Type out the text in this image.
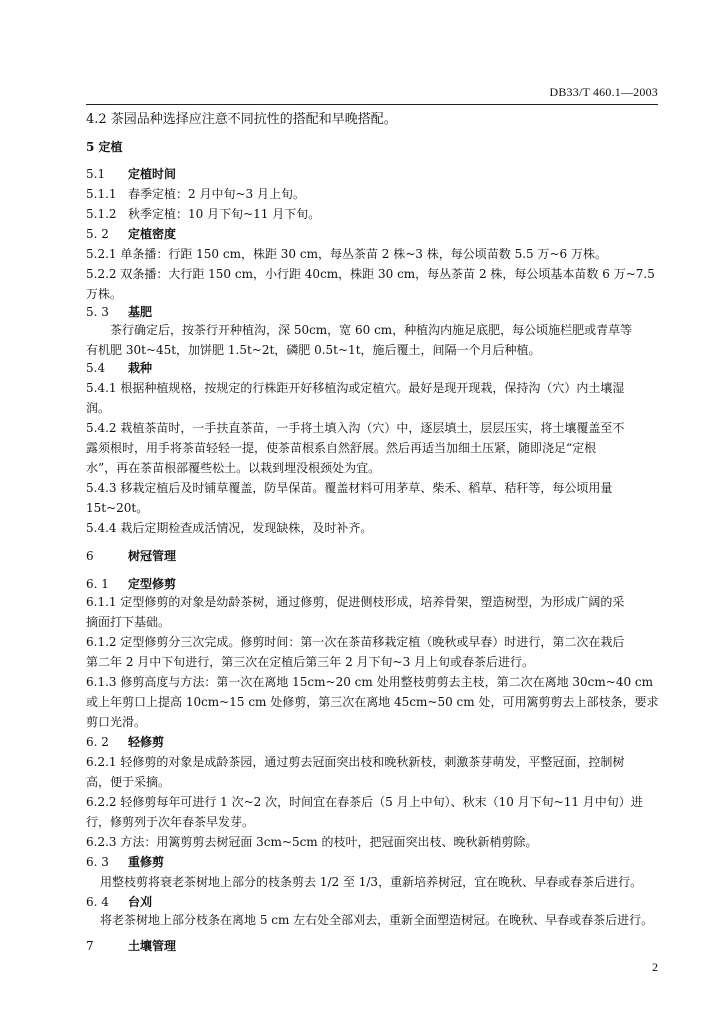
DB33/T 460.1—2003
4.2 茶园品种选择应注意不同抗性的搭配和早晚搭配。
5 定植
5.1 定植时间
5.1.1 春季定植：2 月中旬~3 月上旬。
5.1.2 秋季定植：10 月下旬~11 月下旬。
5. 2 定植密度
5.2.1 单条播：行距 150 cm，株距 30 cm，每丛茶苗 2 株~3 株，每公顷苗数 5.5 万~6 万株。
5.2.2 双条播：大行距 150 cm，小行距 40cm，株距 30 cm，每丛茶苗 2 株，每公顷基本苗数 6 万~7.5
万株。
5. 3 基肥
茶行确定后，按茶行开种植沟，深 50cm，宽 60 cm，种植沟内施足底肥，每公顷施栏肥或青草等
有机肥 30t~45t，加饼肥 1.5t~2t，磷肥 0.5t~1t，施后覆土，间隔一个月后种植。
5.4 栽种
5.4.1 根据种植规格，按规定的行株距开好移植沟或定植穴。最好是现开现栽，保持沟（穴）内土壤湿
润。
5.4.2 栽植茶苗时，一手扶直茶苗，一手将土填入沟（穴）中，逐层填土，层层压实，将土壤覆盖至不
露须根时，用手将茶苗轻轻一提，使茶苗根系自然舒展。然后再适当加细土压紧，随即浇足“定根
水”，再在茶苗根部覆些松土。以栽到埋没根颈处为宜。
5.4.3 移栽定植后及时铺草覆盖，防旱保苗。覆盖材料可用茅草、柴禾、稻草、秸秆等，每公顷用量
15t~20t。
5.4.4 栽后定期检查成活情况，发现缺株，及时补齐。
6	树冠管理
6. 1 定型修剪
6.1.1 定型修剪的对象是幼龄茶树，通过修剪，促进侧枝形成，培养骨架，塑造树型，为形成广阔的采
摘面打下基础。
6.1.2 定型修剪分三次完成。修剪时间：第一次在茶苗移栽定植（晚秋或早春）时进行，第二次在栽后
第二年 2 月中下旬进行，第三次在定植后第三年 2 月下旬~3 月上旬或春茶后进行。
6.1.3 修剪高度与方法：第一次在离地 15cm~20 cm 处用整枝剪剪去主枝，第二次在离地 30cm~40 cm
或上年剪口上提高 10cm~15 cm 处修剪，第三次在离地 45cm~50 cm 处，可用篱剪剪去上部枝条，要求
剪口光滑。
6. 2 轻修剪
6.2.1 轻修剪的对象是成龄茶园，通过剪去冠面突出枝和晚秋新枝，刺激茶芽萌发，平整冠面，控制树
高，便于采摘。
6.2.2 轻修剪每年可进行 1 次~2 次，时间宜在春茶后（5 月上中旬）、秋末（10 月下旬~11 月中旬）进
行，修剪列于次年春茶早发芽。
6.2.3 方法：用篱剪剪去树冠面 3cm~5cm 的枝叶，把冠面突出枝、晚秋新梢剪除。
6. 3 重修剪
用整枝剪将衰老茶树地上部分的枝条剪去 1/2 至 1/3，重新培养树冠，宜在晚秋、早春或春茶后进行。
6. 4 台刈
将老茶树地上部分枝条在离地 5 cm 左右处全部刈去，重新全面塑造树冠。在晚秋、早春或春茶后进行。
7	土壤管理
2
